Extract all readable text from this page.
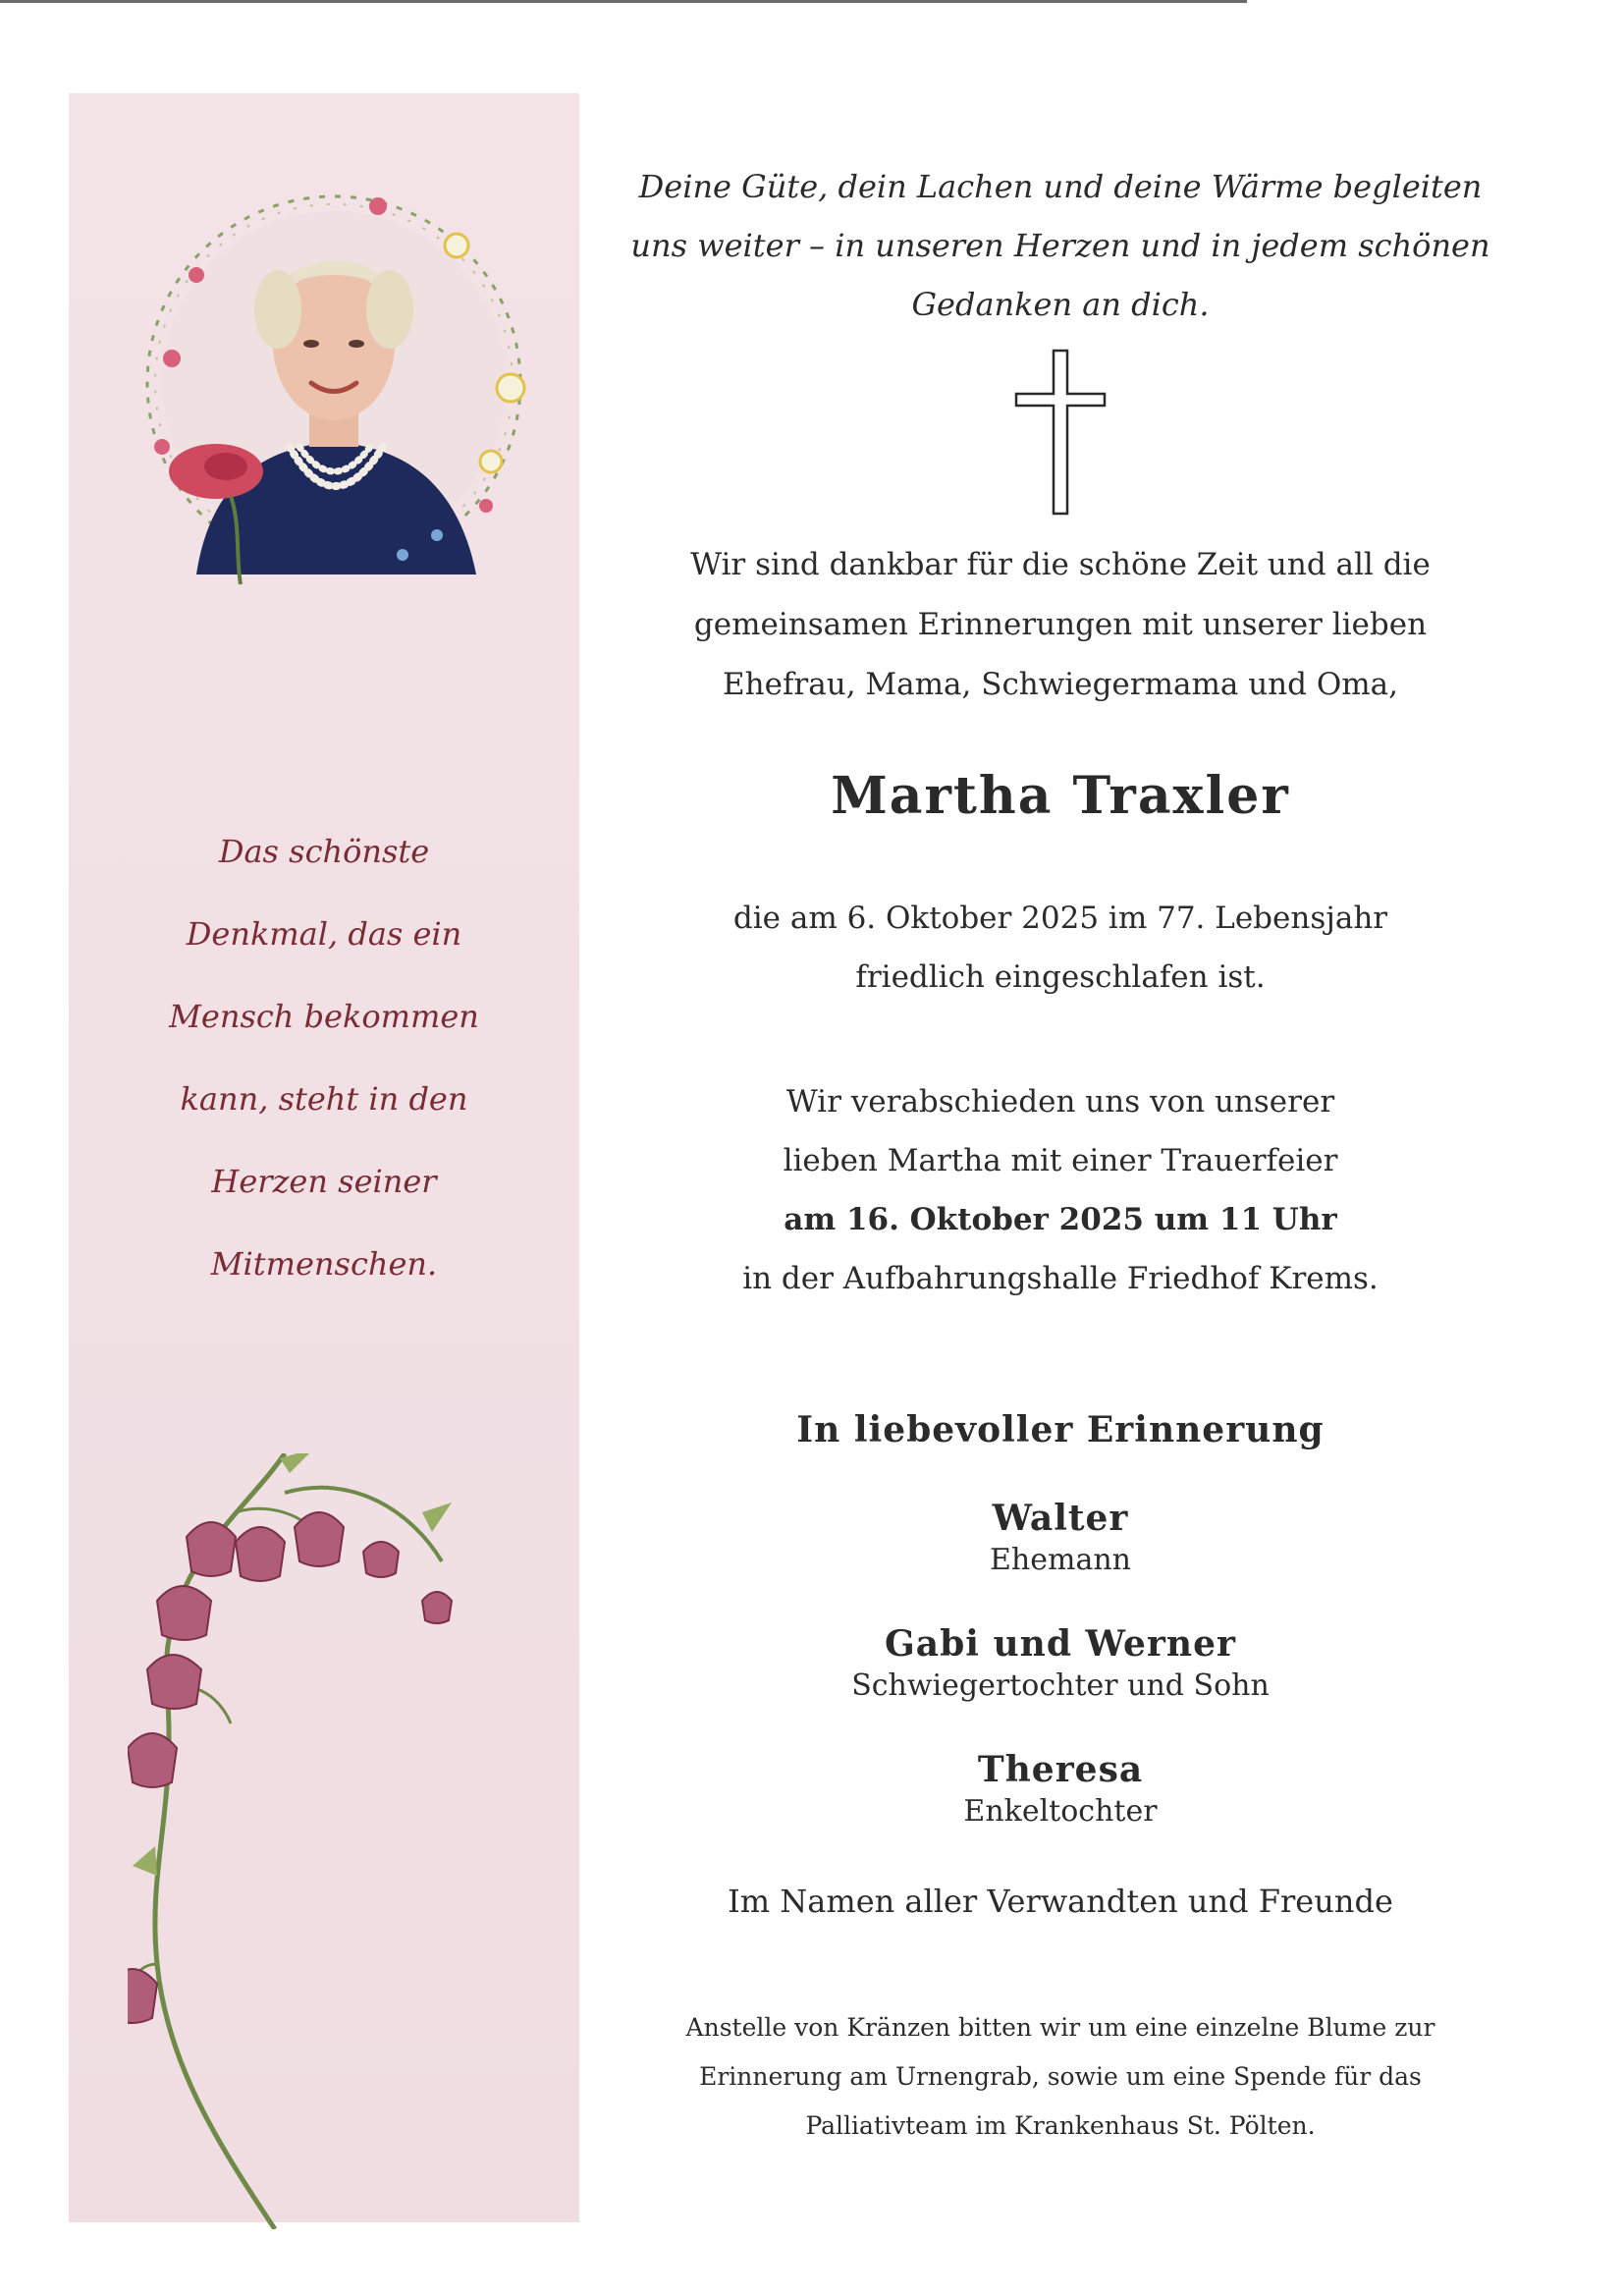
Das schönste
Denkmal, das ein
Mensch bekommen
kann, steht in den
Herzen seiner
Mitmenschen.
Deine Güte, dein Lachen und deine Wärme begleiten
uns weiter – in unseren Herzen und in jedem schönen
Gedanken an dich.
Wir sind dankbar für die schöne Zeit und all die
gemeinsamen Erinnerungen mit unserer lieben
Ehefrau, Mama, Schwiegermama und Oma,
Martha Traxler
die am 6. Oktober 2025 im 77. Lebensjahr
friedlich eingeschlafen ist.
Wir verabschieden uns von unserer
lieben Martha mit einer Trauerfeier
am 16. Oktober 2025 um 11 Uhr
in der Aufbahrungshalle Friedhof Krems.
In liebevoller Erinnerung
Walter
Ehemann
Gabi und Werner
Schwiegertochter und Sohn
Theresa
Enkeltochter
Im Namen aller Verwandten und Freunde
Anstelle von Kränzen bitten wir um eine einzelne Blume zur
Erinnerung am Urnengrab, sowie um eine Spende für das
Palliativteam im Krankenhaus St. Pölten.
